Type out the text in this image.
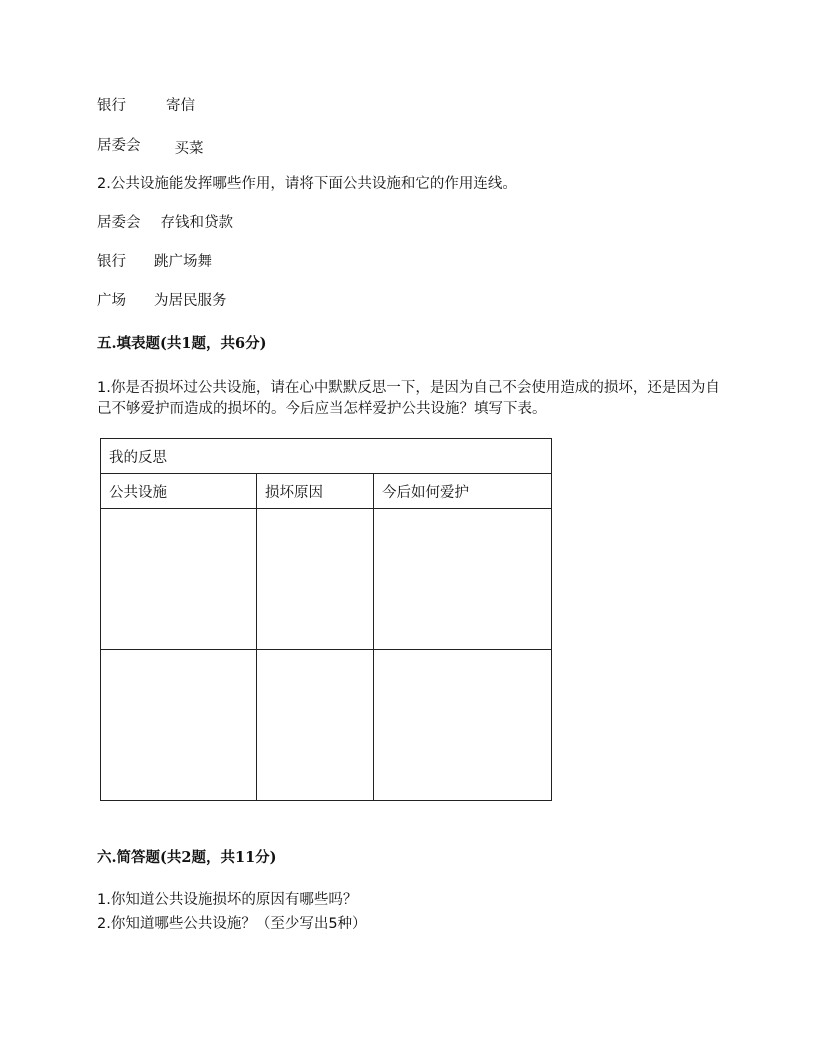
银行	寄信
居委会 买菜
2.公共设施能发挥哪些作用，请将下面公共设施和它的作用连线。
居委会 存钱和贷款
银行 跳广场舞
广场 为居民服务
五.填表题(共1题，共6分)
1.你是否损坏过公共设施，请在心中默默反思一下，是因为自己不会使用造成的损坏，还是因为自己不够爱护而造成的损坏的。今后应当怎样爱护公共设施？填写下表。
我的反思		
公共设施	损坏原因	今后如何爱护

六.简答题(共2题，共11分)
1.你知道公共设施损坏的原因有哪些吗？
2.你知道哪些公共设施？（至少写出5种）
